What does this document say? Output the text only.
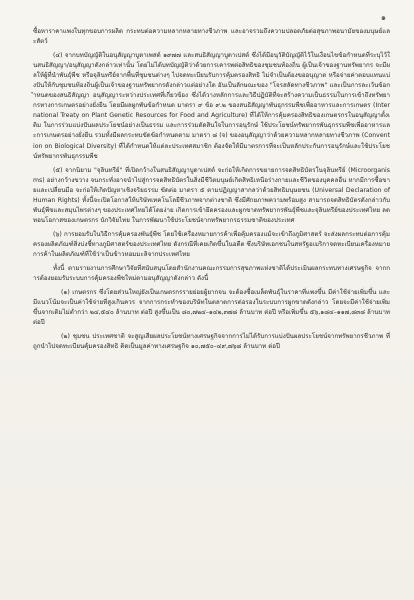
๑

ซื้อหาราคาแพงในทุกขอบการผลิต กระทบต่อความหลากหลายทางชีวภาพ และอาจรวมถึงความปลอดภัยต่อสุขภาพอนามัยของมนุษย์และสัตว์

(๔) จากบทบัญญัติในอนุสัญญาบูดาเพสต์ ๑๙๗๗ และสนธิสัญญาบูดาเปสต์ ซึ่งได้มีอนุวัติบัญญัติไว้ในเงื่อนไขข้อกำหนดที่ระบุไว้ในสนธิสัญญา/อนุสัญญาดังกล่าวเท่านั้น โดยไม่ได้บทบัญญัติว่าด้วยการเคารพต่อสิทธิของชุมชนท้องถิ่น ผู้เป็นเจ้าของฐานทรัพยากร จะมีผลให้ผู้ที่นำพันธุ์พืช หรือจุลินทรีย์จากพื้นที่ชุมชนต่างๆ ไปจดทะเบียนรับการคุ้มครองสิทธิ ไม่จำเป็นต้องขออนุญาต หรือจ่ายค่าตอบแทนแบ่งปันให้กับชุมชนท้องถิ่นผู้เป็นเจ้าของฐานทรัพยากรดังกล่าวแต่อย่างใด อันเป็นลักษณะของ "โจรสลัดทางชีวภาพ" และเป็นการละเว้นข้อกำหนดของสนธิสัญญา อนุสัญญาระหว่างประเทศที่เกี่ยวข้อง ซึ่งได้วางหลักการและวิธีปฏิบัติที่จะสร้างความเป็นธรรมในการเข้าถึงทรัพยากรทางการเกษตรอย่างยั่งยืน โดยมีผลผูกพันข้อกำหนด มาตรา ๙ ข้อ ๙.๒ ของสนธิสัญญาพันธุกรรมพืชเพื่ออาหารและการเกษตร (International Treaty on Plant Genetic Resources for Food and Agriculture) ที่ได้ให้การคุ้มครองสิทธิของเกษตรกรในอนุสัญญาตั้งเดิม ในการร่วมแบ่งปันผลประโยชน์อย่างเป็นธรรม และการร่วมตัดสินใจในการอนุรักษ์ ใช้ประโยชน์ทรัพยากรพันธุกรรมพืชเพื่ออาหารและการเกษตรอย่างยั่งยืน รวมทั้งมีผลกระทบขัดข้อกำหนดตาม มาตรา ๘ (จ) ของอนุสัญญาว่าด้วยความหลากหลายทางชีวภาพ (Convention on Biological Diversity) ที่ได้กำหนดให้แต่ละประเทศสมาชิก ต้องจัดให้มีมาตรการที่จะเป็นหลักประกันการอนุรักษ์และใช้ประโยชน์ทรัพยากรพันธุกรรมพืช

(๕) จากนิยาม "จุลินทรีย์" ที่เปิดกว้างในสนธิสัญญาบูดาเปสต์ จะก่อให้เกิดการขยายการจดสิทธิบัตรในจุลินทรีย์ (Microorganisms) อย่างกว้างขวาง จนกระทั่งอาจนำไปสู่การจดสิทธิบัตรในสิ่งมีชีวิตมนุษย์เกิดสิทธิเหนือร่างกายและชีวิตของบุคคลอื่น หากมีการซื้อขายและเปลี่ยนมือ จะก่อให้เกิดปัญหาเชิงจริยธรรม ขัดต่อ มาตรา ๕ ตามปฏิญญาสากลว่าด้วยสิทธิมนุษยชน (Universal Declaration of Human Rights) ทั้งนี้จะเปิดโอกาสให้บริษัทเทคโนโลยีชีวภาพจากต่างชาติ ซึ่งมีศักยภาพความพร้อมสูง สามารถจดสิทธิบัตรดังกล่าวกับพันธุ์พืชและสมุนไพรต่างๆ ของประเทศไทยได้โดยง่าย เกิดการเข้ายึดครองและผูกขาดทรัพยากรพันธุ์พืชและจุลินทรีย์ของประเทศไทย ลดทอนโอกาสของเกษตรกร นักวิจัยไทย ในการพัฒนาใช้ประโยชน์จากทรัพยากรธรรมชาติของประเทศ

(๖) การยอมรับในวิธีการคุ้มครองพันธุ์พืช โดยใช้เครื่องหมายการค้าเพื่อคุ้มครองแม้จะเข้าถึงภูมิศาสตร์ จะส่งผลกระทบต่อการคุ้มครองผลิตภัณฑ์สิ่งบ่งชี้ทางภูมิศาสตร์ของประเทศไทย ดังกรณีที่เคยเกิดขึ้นในอดีต ซึ่งบริษัทเอกชนในสหรัฐอเมริกาจดทะเบียนเครื่องหมายการค้าในผลิตภัณฑ์ที่ใช้ว่าเป็นข้าวหอมมะลิจากประเทศไทย

ทั้งนี้ ตามรายงานการศึกษาวิจัยที่สนับสนุนโดยสำนักงานคณะกรรมการสุขภาพแห่งชาติได้ประเมินผลกระทบทางเศรษฐกิจ จากการต้องยอมรับระบบการคุ้มครองพืชใหม่ตามอนุสัญญาดังกล่าว ดังนี้

(๑) เกษตรกร ซึ่งโดยส่วนใหญ่ยังเป็นเกษตรกรรายย่อยผู้ยากจน จะต้องซื้อเมล็ดพันธุ์ในราคาที่แพงขึ้น มีค่าใช้จ่ายเพิ่มขึ้น และมีแนวโน้มจะเป็นค่าใช้จ่ายที่สูงเกินควร จากการกระทำของบริษัทในตลาดการต่อรองในระบบการผูกขาดดังกล่าว โดยจะมีค่าใช้จ่ายเพิ่มขึ้นจากเดิมไม่ต่ำกว่า ๒๔,๕๔๐ ล้านบาท ต่อปี สูงขึ้นเป็น ๘๐,๗๒๔–๑๔๒,๓๗๘ ล้านบาท ต่อปี หรือเพิ่มขึ้น ๕๖,๑๘๔–๑๑๗,๘๓๘ ล้านบาท ต่อปี

(๒) ชุมชน ประเทศชาติ จะสูญเสียผลประโยชน์ทางเศรษฐกิจจากการไม่ได้รับการแบ่งปันผลประโยชน์จากทรัพยากรชีวภาพ ที่ถูกนำไปจดทะเบียนคุ้มครองสิทธิ คิดเป็นมูลค่าทางเศรษฐกิจ ๑๐,๗๕๐–๔๙,๗๖๘ ล้านบาท ต่อปี
